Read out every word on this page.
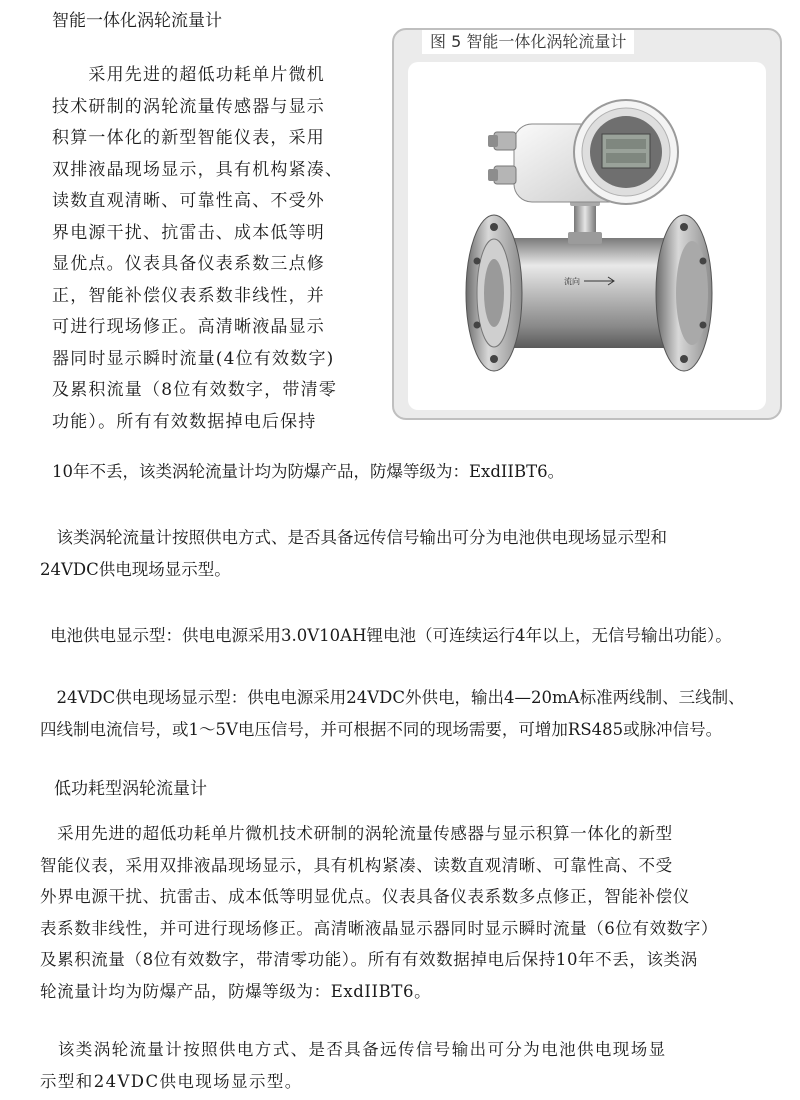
智能一体化涡轮流量计
　　采用先进的超低功耗单片微机
技术研制的涡轮流量传感器与显示
积算一体化的新型智能仪表，采用
双排液晶现场显示，具有机构紧凑、
读数直观清晰、可靠性高、不受外
界电源干扰、抗雷击、成本低等明
显优点。仪表具备仪表系数三点修
正，智能补偿仪表系数非线性，并
可进行现场修正。高清晰液晶显示
器同时显示瞬时流量(4位有效数字)
及累积流量（8位有效数字，带清零
功能）。所有有效数据掉电后保持
图 5 智能一体化涡轮流量计
流向
10年不丢，该类涡轮流量计均为防爆产品，防爆等级为：ExdIIBT6。
　该类涡轮流量计按照供电方式、是否具备远传信号输出可分为电池供电现场显示型和
24VDC供电现场显示型。
电池供电显示型：供电电源采用3.0V10AH锂电池（可连续运行4年以上，无信号输出功能）。
　24VDC供电现场显示型：供电电源采用24VDC外供电，输出4—20mA标准两线制、三线制、
四线制电流信号，或1～5V电压信号，并可根据不同的现场需要，可增加RS485或脉冲信号。
低功耗型涡轮流量计
　采用先进的超低功耗单片微机技术研制的涡轮流量传感器与显示积算一体化的新型
智能仪表，采用双排液晶现场显示，具有机构紧凑、读数直观清晰、可靠性高、不受
外界电源干扰、抗雷击、成本低等明显优点。仪表具备仪表系数多点修正，智能补偿仪
表系数非线性，并可进行现场修正。高清晰液晶显示器同时显示瞬时流量（6位有效数字）
及累积流量（8位有效数字，带清零功能）。所有有效数据掉电后保持10年不丢，该类涡
轮流量计均为防爆产品，防爆等级为：ExdIIBT6。
　该类涡轮流量计按照供电方式、是否具备远传信号输出可分为电池供电现场显
示型和24VDC供电现场显示型。
